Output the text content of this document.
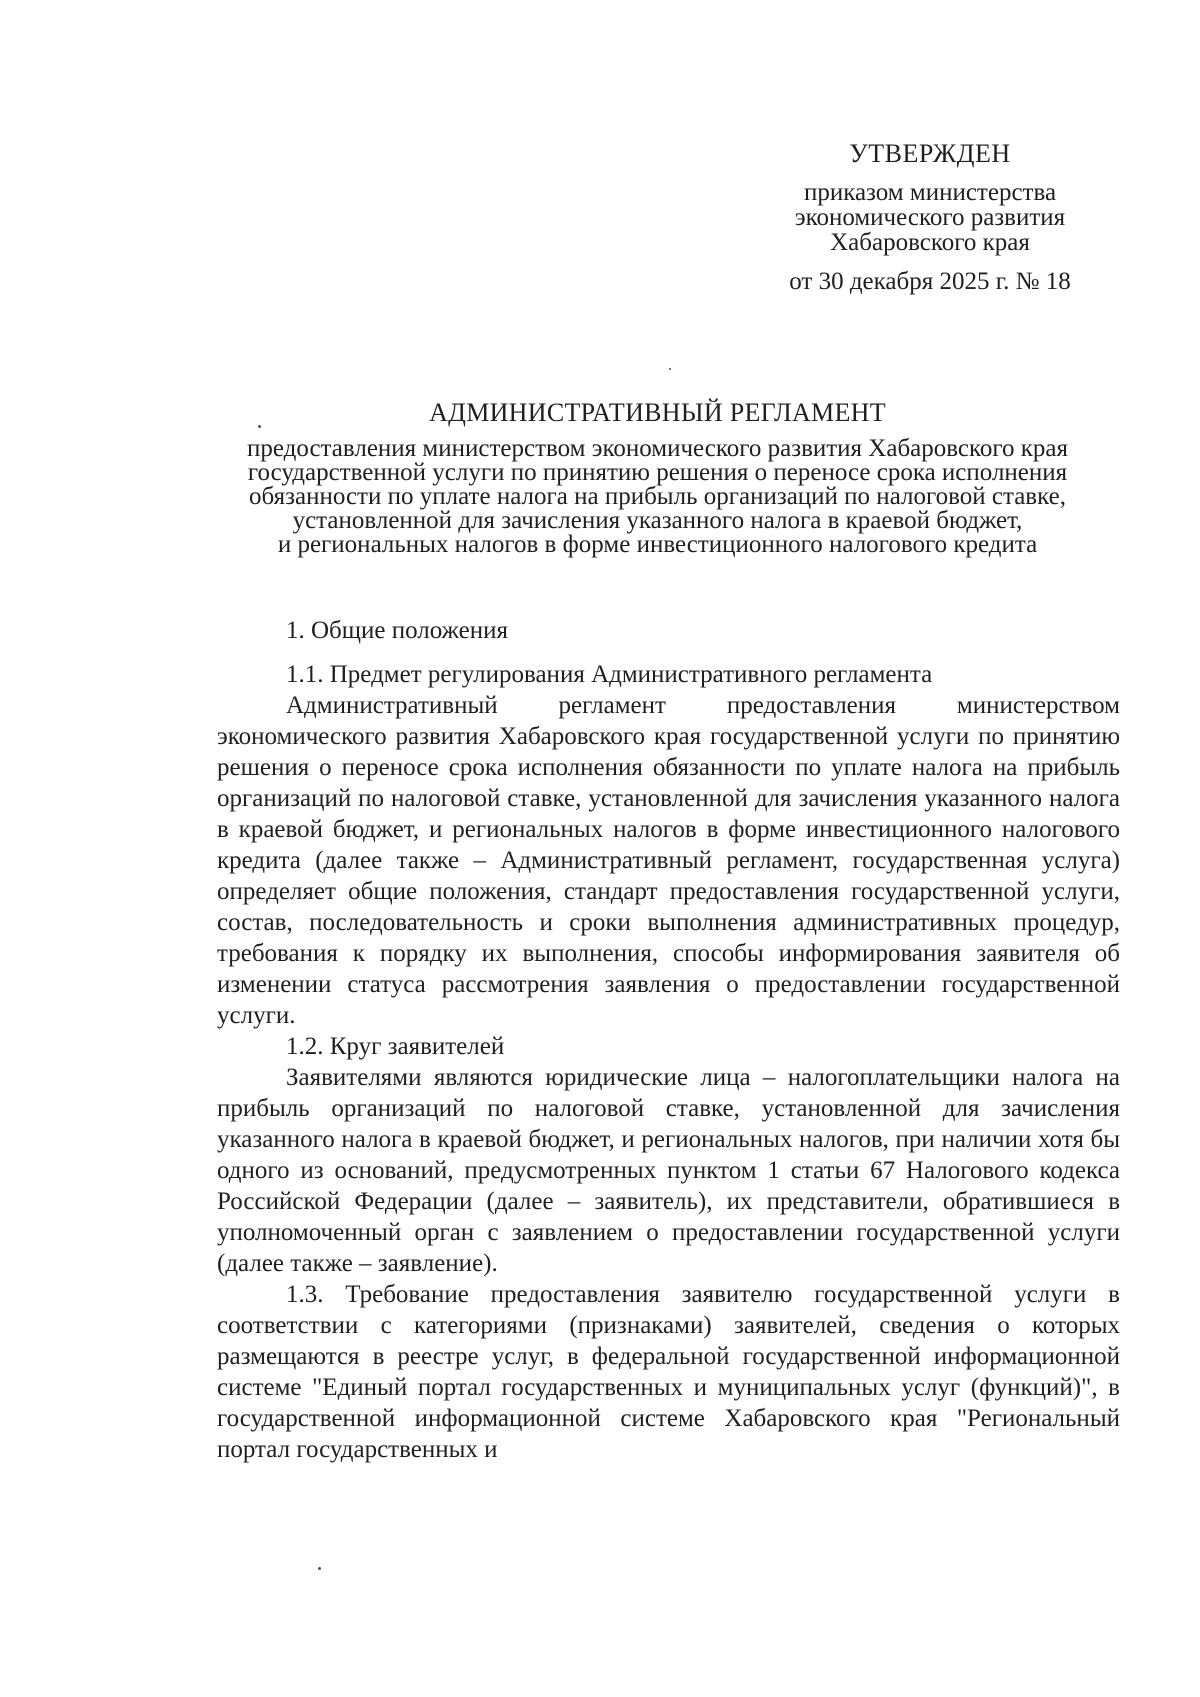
УТВЕРЖДЕН
приказом министерства
экономического развития
Хабаровского края
от 30 декабря 2025 г. № 18
АДМИНИСТРАТИВНЫЙ РЕГЛАМЕНТ
предоставления министерством экономического развития Хабаровского края
государственной услуги по принятию решения о переносе срока исполнения
обязанности по уплате налога на прибыль организаций по налоговой ставке,
установленной для зачисления указанного налога в краевой бюджет,
и региональных налогов в форме инвестиционного налогового кредита

1. Общие положения

1.1. Предмет регулирования Административного регламента

Административный регламент предоставления министерством экономического развития Хабаровского края государственной услуги по принятию решения о переносе срока исполнения обязанности по уплате налога на прибыль организаций по налоговой ставке, установленной для зачисления указанного налога в краевой бюджет, и региональных налогов в форме инвестиционного налогового кредита (далее также – Административный регламент, государственная услуга) определяет общие положения, стандарт предоставления государственной услуги, состав, последовательность и сроки выполнения административных процедур, требования к порядку их выполнения, способы информирования заявителя об изменении статуса рассмотрения заявления о предоставлении государственной услуги.

1.2. Круг заявителей

Заявителями являются юридические лица – налогоплательщики налога на прибыль организаций по налоговой ставке, установленной для зачисления указанного налога в краевой бюджет, и региональных налогов, при наличии хотя бы одного из оснований, предусмотренных пунктом 1 статьи 67 Налогового кодекса Российской Федерации (далее – заявитель), их представители, обратившиеся в уполномоченный орган с заявлением о предоставлении государственной услуги (далее также – заявление).

1.3. Требование предоставления заявителю государственной услуги в соответствии с категориями (признаками) заявителей, сведения о которых размещаются в реестре услуг, в федеральной государственной информационной системе "Единый портал государственных и муниципальных услуг (функций)", в государственной информационной системе Хабаровского края "Региональный портал государственных и
